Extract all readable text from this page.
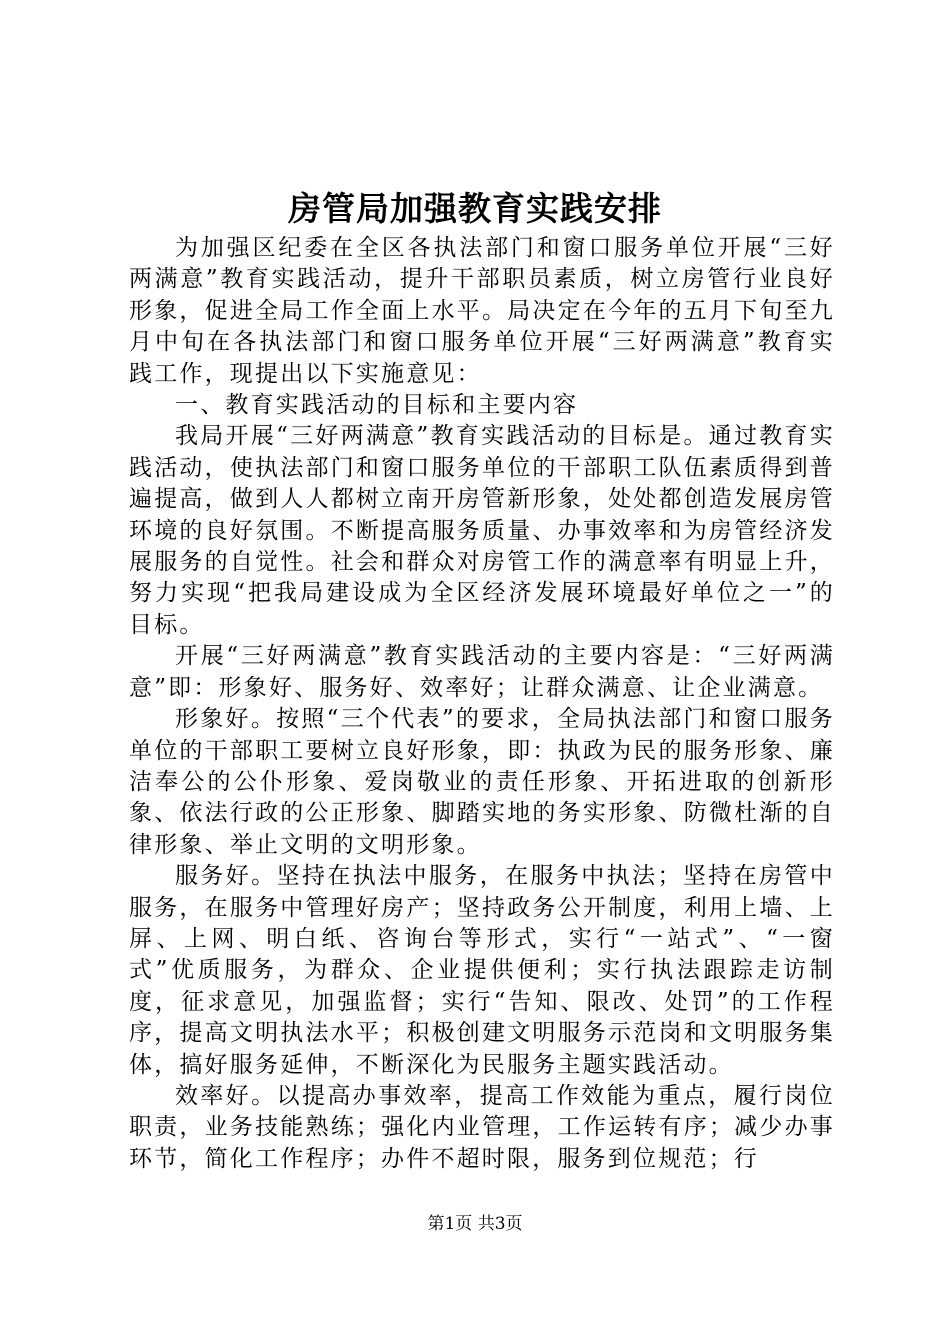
房管局加强教育实践安排

为加强区纪委在全区各执法部门和窗口服务单位开展“三好两满意”教育实践活动，提升干部职员素质，树立房管行业良好形象，促进全局工作全面上水平。局决定在今年的五月下旬至九月中旬在各执法部门和窗口服务单位开展“三好两满意”教育实践工作，现提出以下实施意见：

一、教育实践活动的目标和主要内容

我局开展“三好两满意”教育实践活动的目标是。通过教育实践活动，使执法部门和窗口服务单位的干部职工队伍素质得到普遍提高，做到人人都树立南开房管新形象，处处都创造发展房管环境的良好氛围。不断提高服务质量、办事效率和为房管经济发展服务的自觉性。社会和群众对房管工作的满意率有明显上升，努力实现“把我局建设成为全区经济发展环境最好单位之一”的目标。

开展“三好两满意”教育实践活动的主要内容是：“三好两满意”即：形象好、服务好、效率好；让群众满意、让企业满意。

形象好。按照“三个代表”的要求，全局执法部门和窗口服务单位的干部职工要树立良好形象，即：执政为民的服务形象、廉洁奉公的公仆形象、爱岗敬业的责任形象、开拓进取的创新形象、依法行政的公正形象、脚踏实地的务实形象、防微杜渐的自律形象、举止文明的文明形象。

服务好。坚持在执法中服务，在服务中执法；坚持在房管中服务，在服务中管理好房产；坚持政务公开制度，利用上墙、上屏、上网、明白纸、咨询台等形式，实行“一站式”、“一窗式”优质服务，为群众、企业提供便利；实行执法跟踪走访制度，征求意见，加强监督；实行“告知、限改、处罚”的工作程序，提高文明执法水平；积极创建文明服务示范岗和文明服务集体，搞好服务延伸，不断深化为民服务主题实践活动。

效率好。以提高办事效率，提高工作效能为重点，履行岗位职责，业务技能熟练；强化内业管理，工作运转有序；减少办事环节，简化工作程序；办件不超时限，服务到位规范；行

第1页 共3页
